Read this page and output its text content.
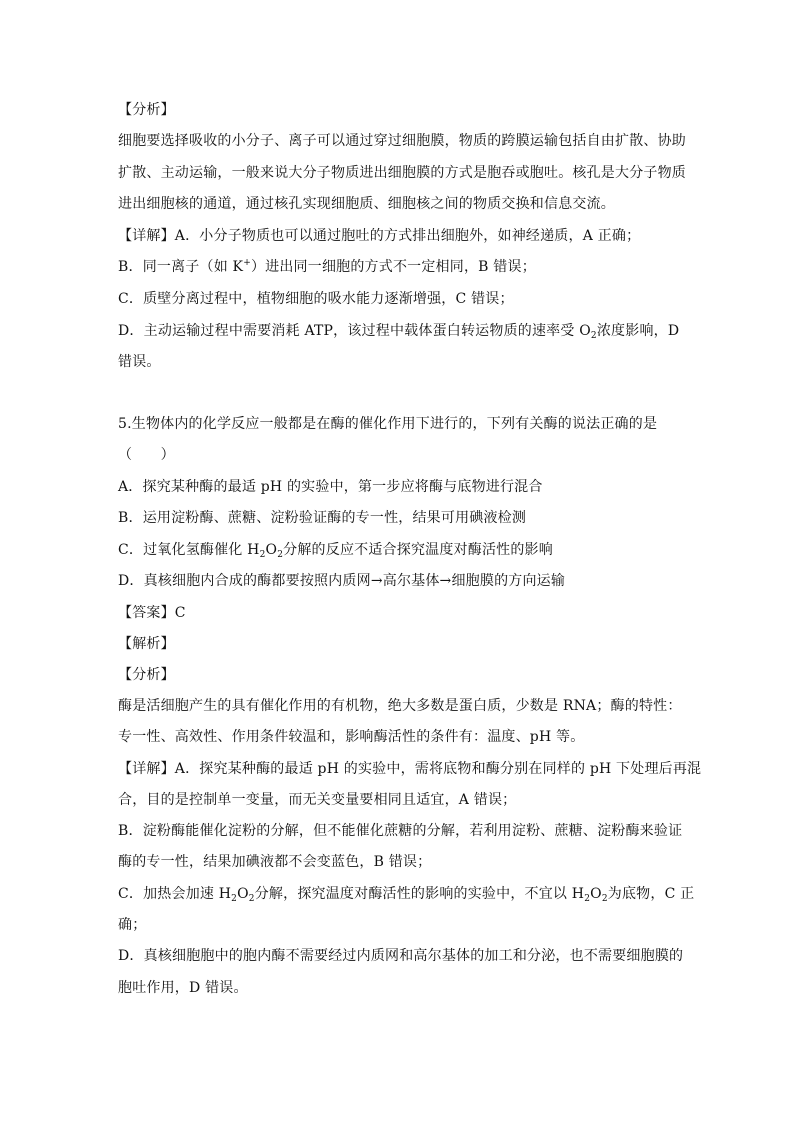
【分析】
细胞要选择吸收的小分子、离子可以通过穿过细胞膜，物质的跨膜运输包括自由扩散、协助
扩散、主动运输，一般来说大分子物质进出细胞膜的方式是胞吞或胞吐。核孔是大分子物质
进出细胞核的通道，通过核孔实现细胞质、细胞核之间的物质交换和信息交流。
【详解】A．小分子物质也可以通过胞吐的方式排出细胞外，如神经递质，A 正确；
B．同一离子（如 K+）进出同一细胞的方式不一定相同，B 错误；
C．质壁分离过程中，植物细胞的吸水能力逐渐增强，C 错误；
D．主动运输过程中需要消耗 ATP，该过程中载体蛋白转运物质的速率受 $O_2$浓度影响，D
错误。
5.生物体内的化学反应一般都是在酶的催化作用下进行的，下列有关酶的说法正确的是
（　　）
A．探究某种酶的最适 pH 的实验中，第一步应将酶与底物进行混合
B．运用淀粉酶、蔗糖、淀粉验证酶的专一性，结果可用碘液检测
C．过氧化氢酶催化 $H_2O_2$分解的反应不适合探究温度对酶活性的影响
D．真核细胞内合成的酶都要按照内质网→高尔基体→细胞膜的方向运输
【答案】C
【解析】
【分析】
酶是活细胞产生的具有催化作用的有机物，绝大多数是蛋白质，少数是 RNA；酶的特性：
专一性、高效性、作用条件较温和，影响酶活性的条件有：温度、pH 等。
【详解】A．探究某种酶的最适 pH 的实验中，需将底物和酶分别在同样的 pH 下处理后再混
合，目的是控制单一变量，而无关变量要相同且适宜，A 错误；
B．淀粉酶能催化淀粉的分解，但不能催化蔗糖的分解，若利用淀粉、蔗糖、淀粉酶来验证
酶的专一性，结果加碘液都不会变蓝色，B 错误；
C．加热会加速 $H_2O_2$分解，探究温度对酶活性的影响的实验中，不宜以 $H_2O_2$为底物，C 正
确；
D．真核细胞胞中的胞内酶不需要经过内质网和高尔基体的加工和分泌，也不需要细胞膜的
胞吐作用，D 错误。
